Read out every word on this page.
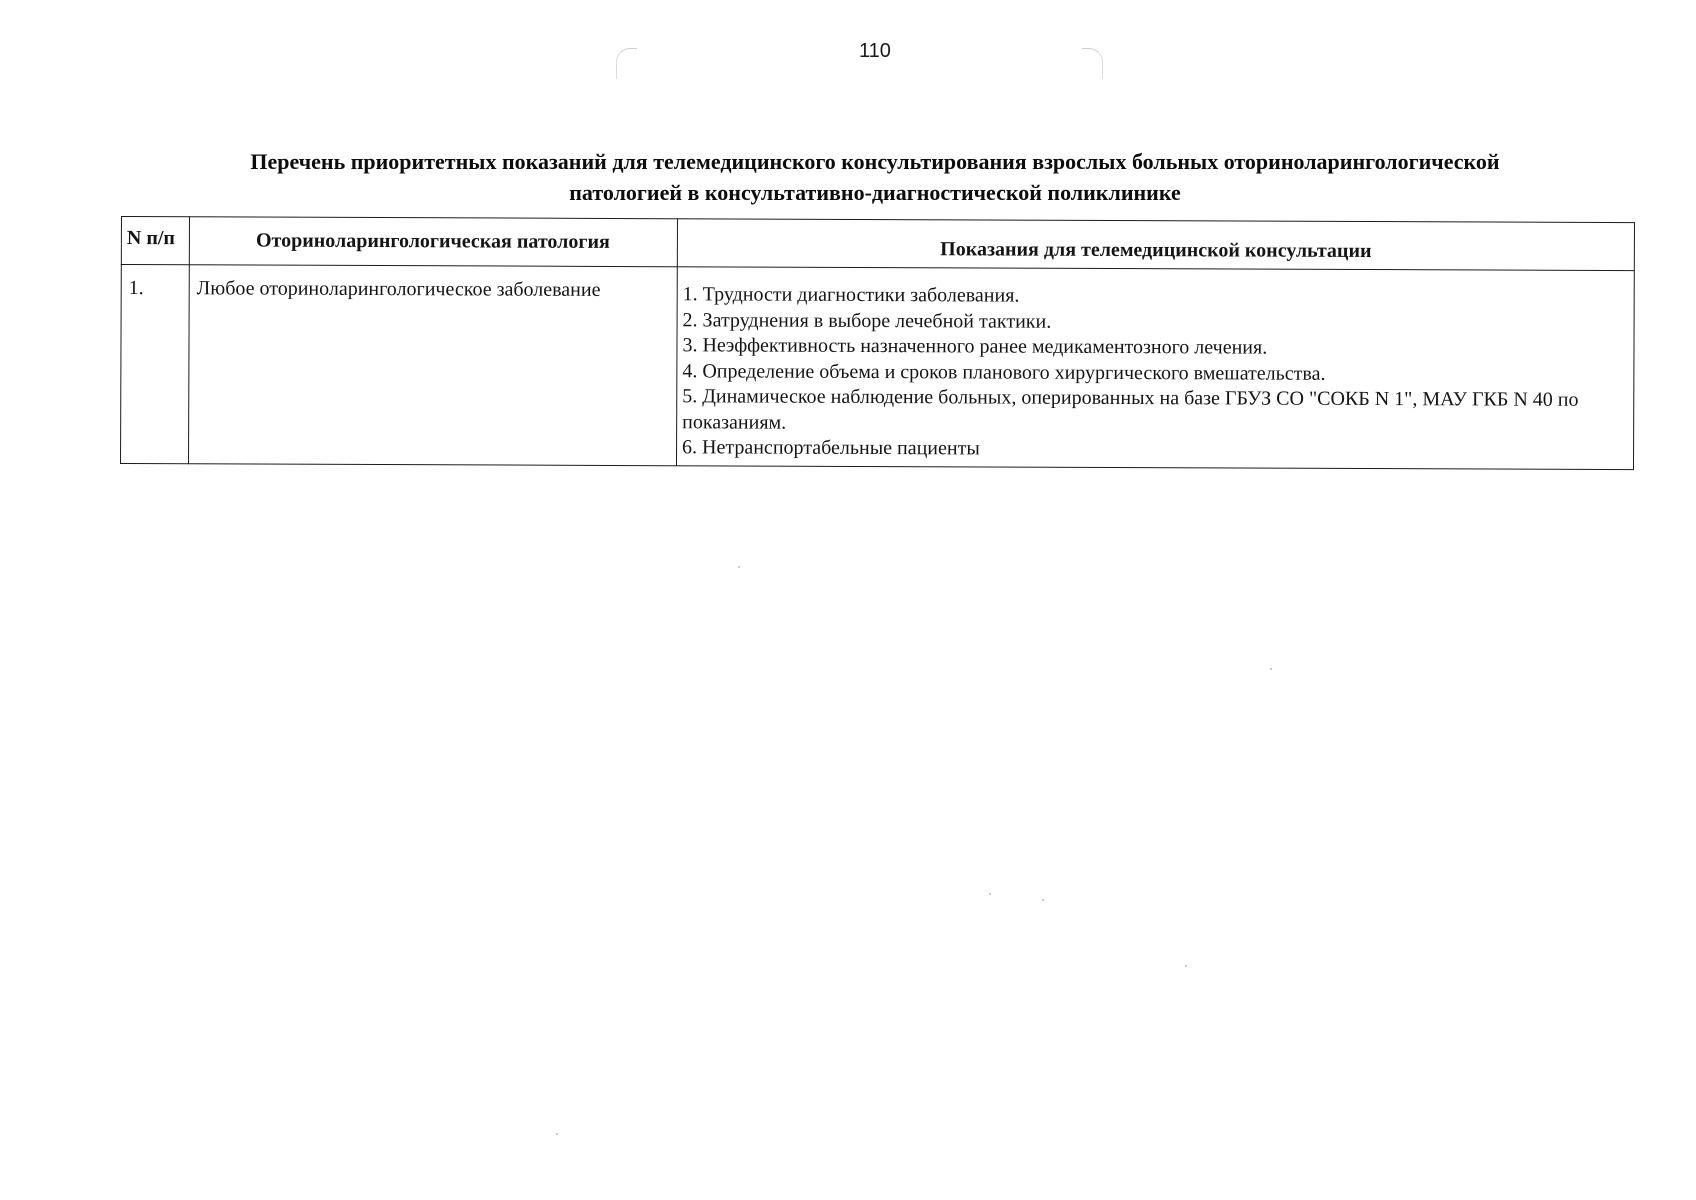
110
Перечень приоритетных показаний для телемедицинского консультирования взрослых больных оториноларингологической
патологией в консультативно-диагностической поликлинике
N п/п	Оториноларингологическая патология	Показания для телемедицинской консультации
1.	Любое оториноларингологическое заболевание	1. Трудности диагностики заболевания.
2. Затруднения в выборе лечебной тактики.
3. Неэффективность назначенного ранее медикаментозного лечения.
4. Определение объема и сроков планового хирургического вмешательства.
5. Динамическое наблюдение больных, оперированных на базе ГБУЗ СО "СОКБ N 1", МАУ ГКБ N 40 по показаниям.
6. Нетранспортабельные пациенты
